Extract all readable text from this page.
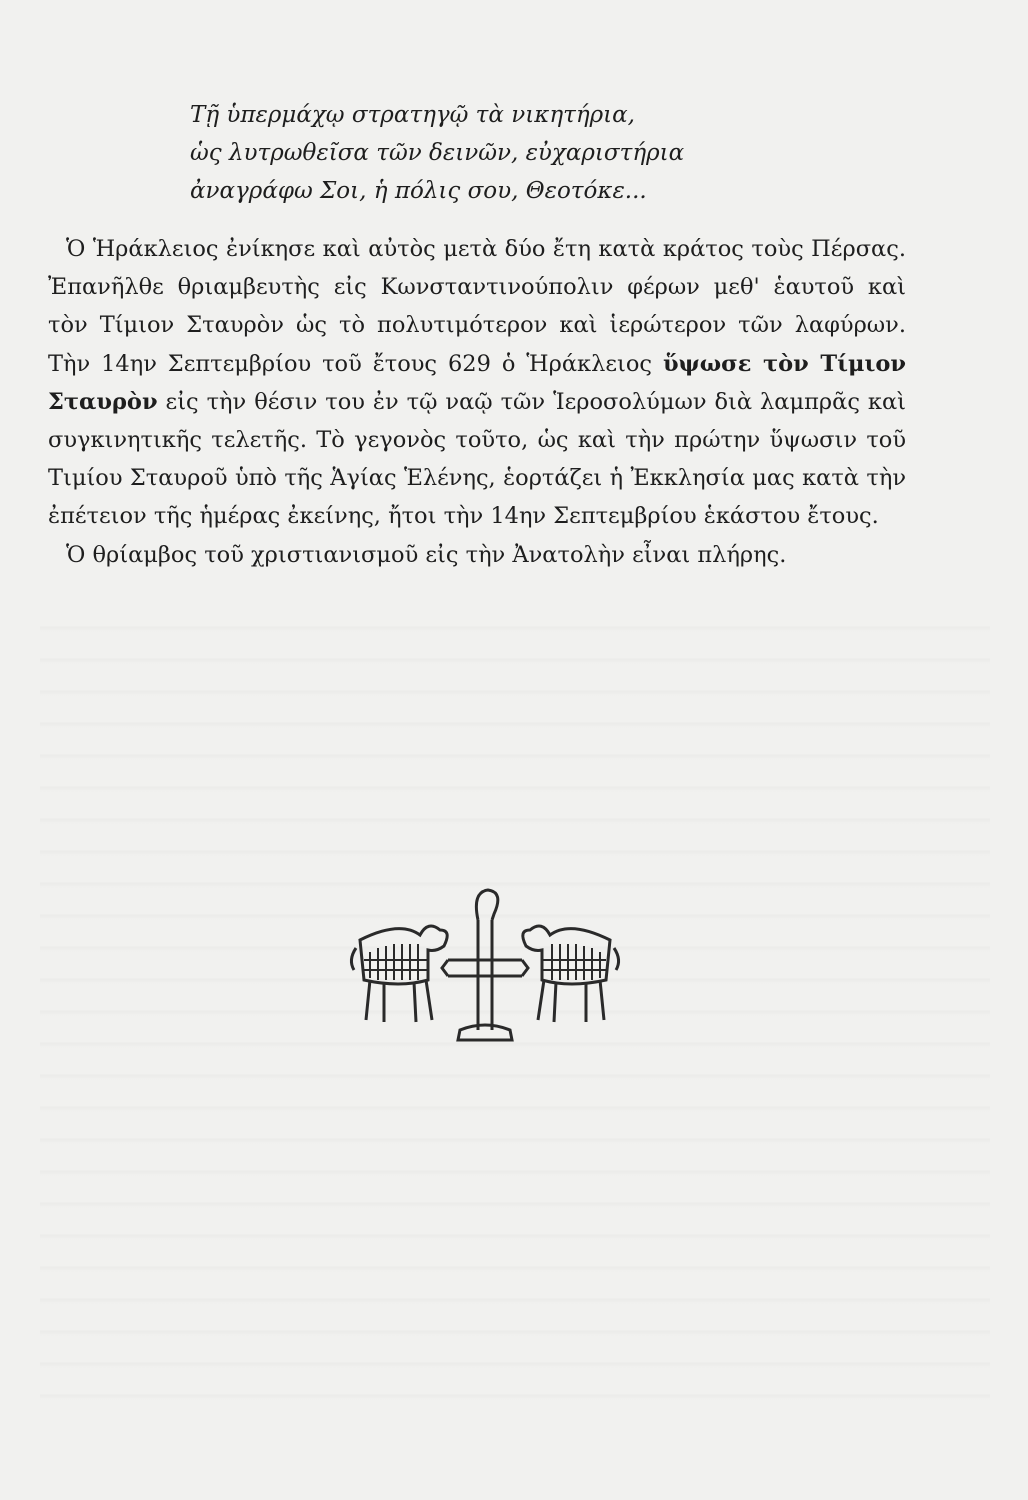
Τῇ ὑπερμάχῳ στρατηγῷ τὰ νικητήρια,
ὡς λυτρωθεῖσα τῶν δεινῶν, εὐχαριστήρια
ἀναγράφω Σοι, ἡ πόλις σου, Θεοτόκε...

Ὁ Ἡράκλειος ἐνίκησε καὶ αὐτὸς μετὰ δύο ἔτη κατὰ κράτος τοὺς Πέρσας. Ἐπανῆλθε θριαμβευτὴς εἰς Κωνσταντινούπολιν φέρων μεθ' ἑαυτοῦ καὶ τὸν Τίμιον Σταυρὸν ὡς τὸ πολυτιμότερον καὶ ἱερώτερον τῶν λαφύρων. Τὴν 14ην Σεπτεμβρίου τοῦ ἔτους 629 ὁ Ἡράκλειος ὕψωσε τὸν Τίμιον Σταυρὸν εἰς τὴν θέσιν του ἐν τῷ ναῷ τῶν Ἱεροσολύμων διὰ λαμπρᾶς καὶ συγκινητικῆς τελετῆς. Τὸ γεγονὸς τοῦτο, ὡς καὶ τὴν πρώτην ὕψωσιν τοῦ Τιμίου Σταυροῦ ὑπὸ τῆς Ἁγίας Ἑλένης, ἑορτάζει ἡ Ἐκκλησία μας κατὰ τὴν ἐπέτειον τῆς ἡμέρας ἐκείνης, ἤτοι τὴν 14ην Σεπτεμβρίου ἑκάστου ἔτους.

Ὁ θρίαμβος τοῦ χριστιανισμοῦ εἰς τὴν Ἀνατολὴν εἶναι πλήρης.
